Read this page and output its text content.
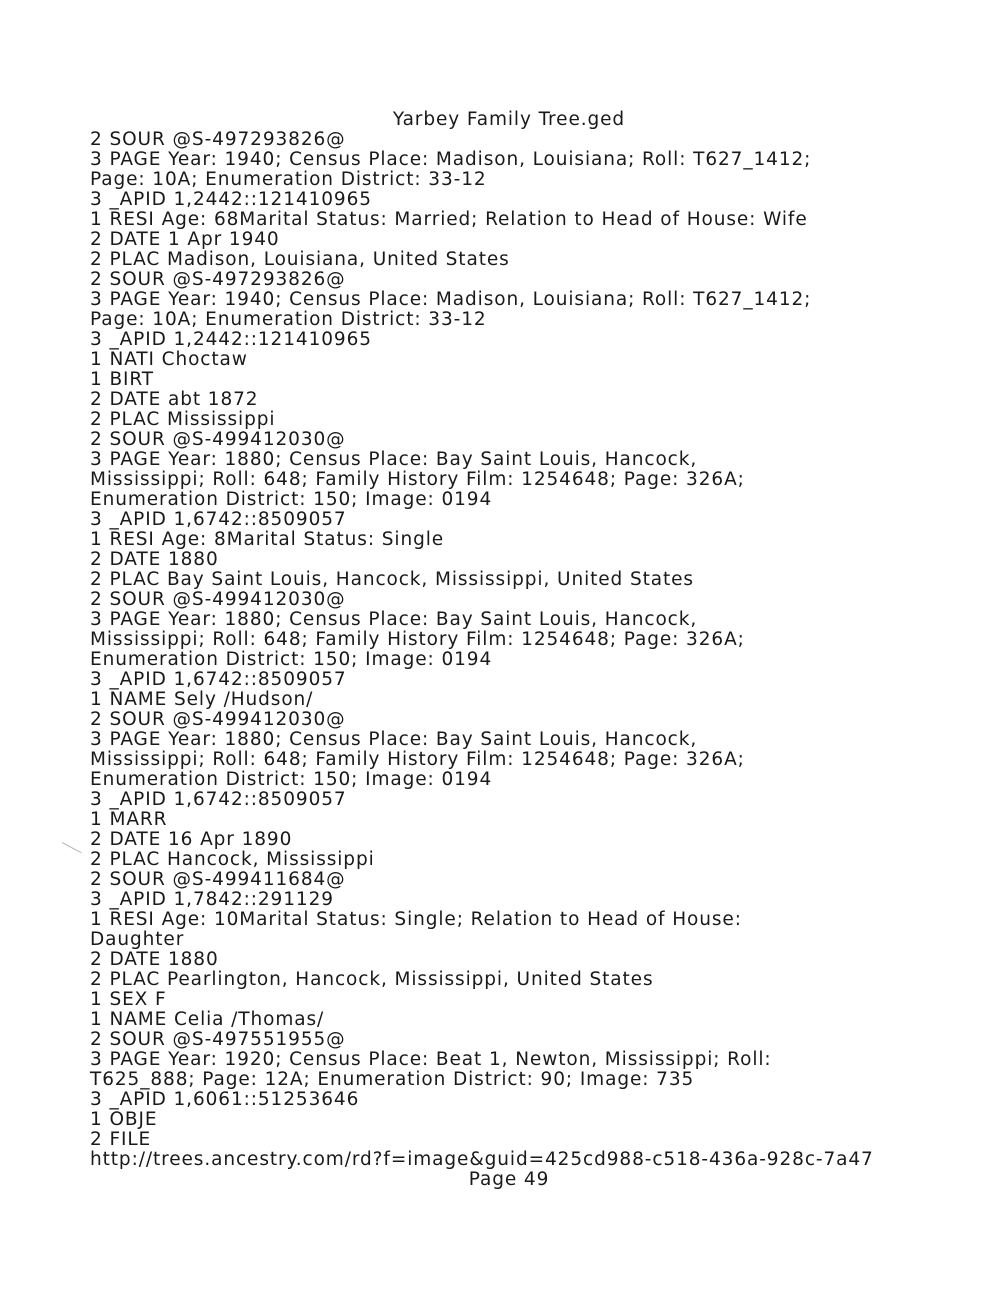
Yarbey Family Tree.ged
2 SOUR @S-497293826@
3 PAGE Year: 1940; Census Place: Madison, Louisiana; Roll: T627_1412;
Page: 10A; Enumeration District: 33-12
3 _APID 1,2442::121410965
1 RESI Age: 68Marital Status: Married; Relation to Head of House: Wife
2 DATE 1 Apr 1940
2 PLAC Madison, Louisiana, United States
2 SOUR @S-497293826@
3 PAGE Year: 1940; Census Place: Madison, Louisiana; Roll: T627_1412;
Page: 10A; Enumeration District: 33-12
3 _APID 1,2442::121410965
1 NATI Choctaw
1 BIRT
2 DATE abt 1872
2 PLAC Mississippi
2 SOUR @S-499412030@
3 PAGE Year: 1880; Census Place: Bay Saint Louis, Hancock,
Mississippi; Roll: 648; Family History Film: 1254648; Page: 326A;
Enumeration District: 150; Image: 0194
3 _APID 1,6742::8509057
1 RESI Age: 8Marital Status: Single
2 DATE 1880
2 PLAC Bay Saint Louis, Hancock, Mississippi, United States
2 SOUR @S-499412030@
3 PAGE Year: 1880; Census Place: Bay Saint Louis, Hancock,
Mississippi; Roll: 648; Family History Film: 1254648; Page: 326A;
Enumeration District: 150; Image: 0194
3 _APID 1,6742::8509057
1 NAME Sely /Hudson/
2 SOUR @S-499412030@
3 PAGE Year: 1880; Census Place: Bay Saint Louis, Hancock,
Mississippi; Roll: 648; Family History Film: 1254648; Page: 326A;
Enumeration District: 150; Image: 0194
3 _APID 1,6742::8509057
1 MARR
2 DATE 16 Apr 1890
2 PLAC Hancock, Mississippi
2 SOUR @S-499411684@
3 _APID 1,7842::291129
1 RESI Age: 10Marital Status: Single; Relation to Head of House:
Daughter
2 DATE 1880
2 PLAC Pearlington, Hancock, Mississippi, United States
1 SEX F
1 NAME Celia /Thomas/
2 SOUR @S-497551955@
3 PAGE Year: 1920; Census Place: Beat 1, Newton, Mississippi; Roll:
T625_888; Page: 12A; Enumeration District: 90; Image: 735
3 _APID 1,6061::51253646
1 OBJE
2 FILE
http://trees.ancestry.com/rd?f=image&guid=425cd988-c518-436a-928c-7a47
Page 49
